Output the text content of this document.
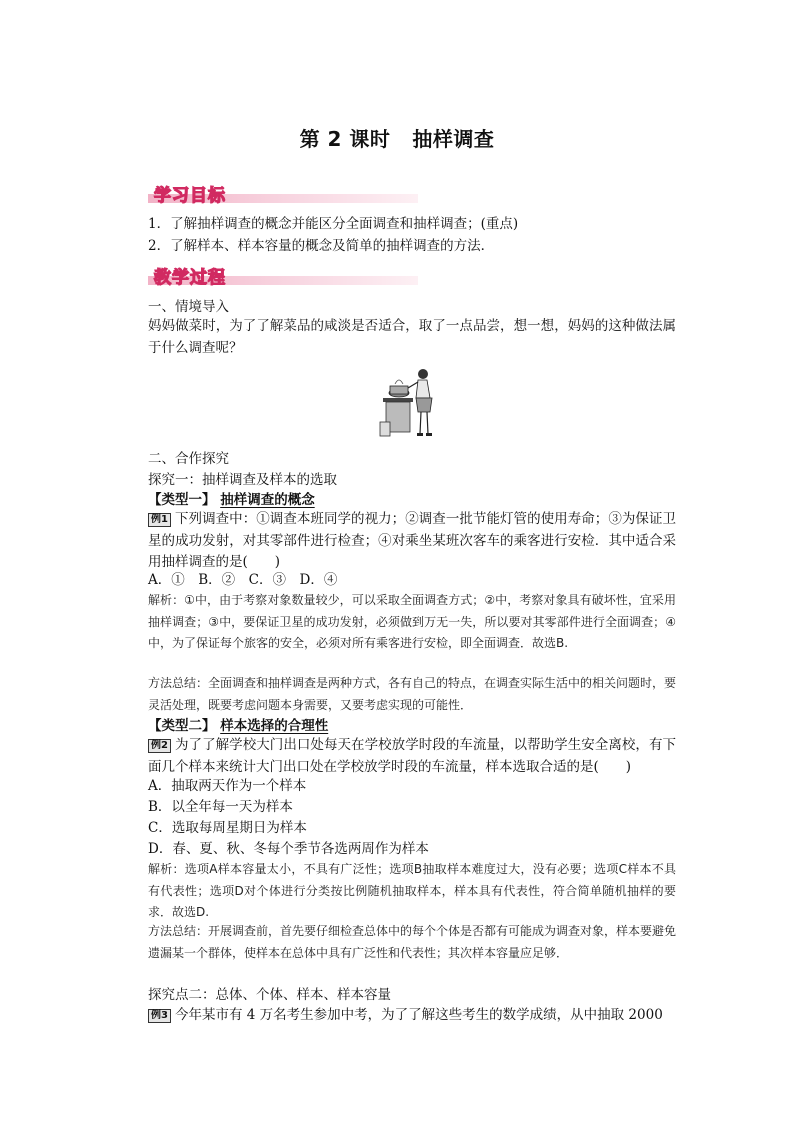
第 2 课时 抽样调查
学习目标
1．了解抽样调查的概念并能区分全面调查和抽样调查；(重点)
2．了解样本、样本容量的概念及简单的抽样调查的方法．
教学过程
一、情境导入
妈妈做菜时，为了了解菜品的咸淡是否适合，取了一点品尝，想一想，妈妈的这种做法属于什么调查呢？
二、合作探究
探究一：抽样调查及样本的选取
【类型一】 抽样调查的概念
例1 下列调查中：①调查本班同学的视力；②调查一批节能灯管的使用寿命；③为保证卫星的成功发射，对其零部件进行检查；④对乘坐某班次客车的乘客进行安检．其中适合采用抽样调查的是(　　)
A．①　B．②　C．③　D．④
解析：①中，由于考察对象数量较少，可以采取全面调查方式；②中，考察对象具有破坏性，宜采用抽样调查；③中，要保证卫星的成功发射，必须做到万无一失，所以要对其零部件进行全面调查；④中，为了保证每个旅客的安全，必须对所有乘客进行安检，即全面调查．故选B.
方法总结：全面调查和抽样调查是两种方式，各有自己的特点，在调查实际生活中的相关问题时，要灵活处理，既要考虑问题本身需要，又要考虑实现的可能性．
【类型二】 样本选择的合理性
例2 为了了解学校大门出口处每天在学校放学时段的车流量，以帮助学生安全离校，有下面几个样本来统计大门出口处在学校放学时段的车流量，样本选取合适的是(　　)
A．抽取两天作为一个样本
B．以全年每一天为样本
C．选取每周星期日为样本
D．春、夏、秋、冬每个季节各选两周作为样本
解析：选项A样本容量太小，不具有广泛性；选项B抽取样本难度过大，没有必要；选项C样本不具有代表性；选项D对个体进行分类按比例随机抽取样本，样本具有代表性，符合简单随机抽样的要求．故选D.
方法总结：开展调查前，首先要仔细检查总体中的每个个体是否都有可能成为调查对象，样本要避免遗漏某一个群体，使样本在总体中具有广泛性和代表性；其次样本容量应足够．
探究点二：总体、个体、样本、样本容量
例3 今年某市有 4 万名考生参加中考，为了了解这些考生的数学成绩，从中抽取 2000
